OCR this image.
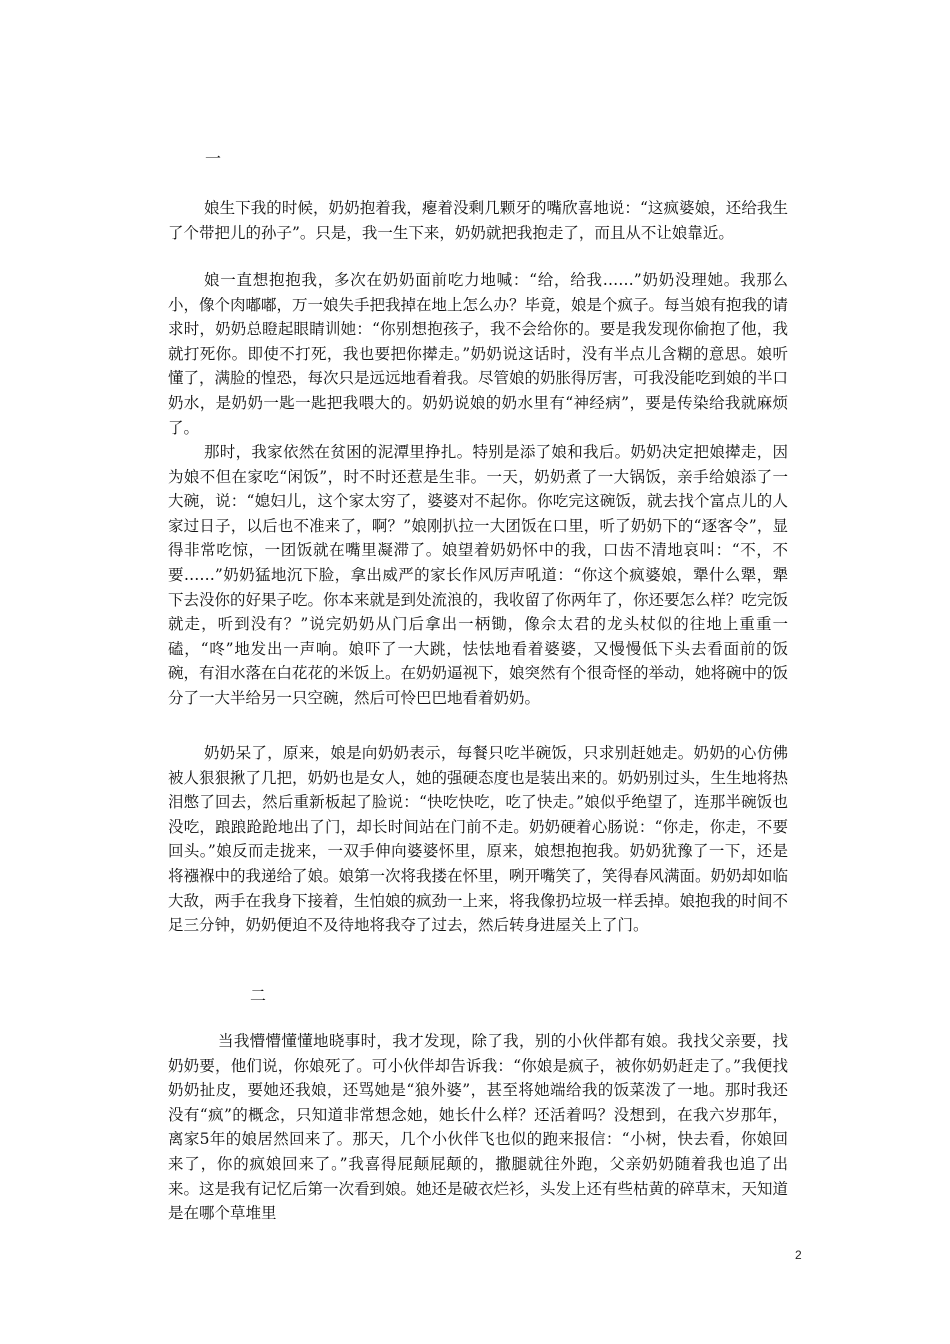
一

娘生下我的时候，奶奶抱着我，瘪着没剩几颗牙的嘴欣喜地说：“这疯婆娘，还给我生了个带把儿的孙子”。只是，我一生下来，奶奶就把我抱走了，而且从不让娘靠近。

娘一直想抱抱我，多次在奶奶面前吃力地喊：“给，给我……”奶奶没理她。我那么小，像个肉嘟嘟，万一娘失手把我掉在地上怎么办？毕竟，娘是个疯子。每当娘有抱我的请求时，奶奶总瞪起眼睛训她：“你别想抱孩子，我不会给你的。要是我发现你偷抱了他，我就打死你。即使不打死，我也要把你撵走。”奶奶说这话时，没有半点儿含糊的意思。娘听懂了，满脸的惶恐，每次只是远远地看着我。尽管娘的奶胀得厉害，可我没能吃到娘的半口奶水，是奶奶一匙一匙把我喂大的。奶奶说娘的奶水里有“神经病”，要是传染给我就麻烦了。

那时，我家依然在贫困的泥潭里挣扎。特别是添了娘和我后。奶奶决定把娘撵走，因为娘不但在家吃“闲饭”，时不时还惹是生非。一天，奶奶煮了一大锅饭，亲手给娘添了一大碗，说：“媳妇儿，这个家太穷了，婆婆对不起你。你吃完这碗饭，就去找个富点儿的人家过日子，以后也不准来了，啊？”娘刚扒拉一大团饭在口里，听了奶奶下的“逐客令”，显得非常吃惊，一团饭就在嘴里凝滞了。娘望着奶奶怀中的我，口齿不清地哀叫：“不，不要……”奶奶猛地沉下脸，拿出威严的家长作风厉声吼道：“你这个疯婆娘，犟什么犟，犟下去没你的好果子吃。你本来就是到处流浪的，我收留了你两年了，你还要怎么样？吃完饭就走，听到没有？”说完奶奶从门后拿出一柄锄，像佘太君的龙头杖似的往地上重重一磕，“咚”地发出一声响。娘吓了一大跳，怯怯地看着婆婆，又慢慢低下头去看面前的饭碗，有泪水落在白花花的米饭上。在奶奶逼视下，娘突然有个很奇怪的举动，她将碗中的饭分了一大半给另一只空碗，然后可怜巴巴地看着奶奶。

奶奶呆了，原来，娘是向奶奶表示，每餐只吃半碗饭，只求别赶她走。奶奶的心仿佛被人狠狠揪了几把，奶奶也是女人，她的强硬态度也是装出来的。奶奶别过头，生生地将热泪憋了回去，然后重新板起了脸说：“快吃快吃，吃了快走。”娘似乎绝望了，连那半碗饭也没吃，踉踉跄跄地出了门，却长时间站在门前不走。奶奶硬着心肠说：“你走，你走，不要回头。”娘反而走拢来，一双手伸向婆婆怀里，原来，娘想抱抱我。奶奶犹豫了一下，还是将襁褓中的我递给了娘。娘第一次将我搂在怀里，咧开嘴笑了，笑得春风满面。奶奶却如临大敌，两手在我身下接着，生怕娘的疯劲一上来，将我像扔垃圾一样丢掉。娘抱我的时间不足三分钟，奶奶便迫不及待地将我夺了过去，然后转身进屋关上了门。

二

当我懵懵懂懂地晓事时，我才发现，除了我，别的小伙伴都有娘。我找父亲要，找奶奶要，他们说，你娘死了。可小伙伴却告诉我：“你娘是疯子，被你奶奶赶走了。”我便找奶奶扯皮，要她还我娘，还骂她是“狼外婆”，甚至将她端给我的饭菜泼了一地。那时我还没有“疯”的概念，只知道非常想念她，她长什么样？还活着吗？没想到，在我六岁那年，离家5年的娘居然回来了。那天，几个小伙伴飞也似的跑来报信：“小树，快去看，你娘回来了，你的疯娘回来了。”我喜得屁颠屁颠的，撒腿就往外跑，父亲奶奶随着我也追了出来。这是我有记忆后第一次看到娘。她还是破衣烂衫，头发上还有些枯黄的碎草末，天知道是在哪个草堆里

2
